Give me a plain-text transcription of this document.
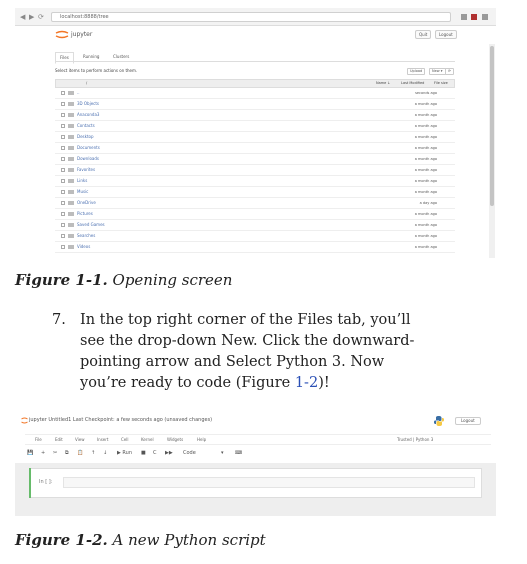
◀ ▶ ⟳	localhost:8888/tree
jupyter	Quit	Logout
Files	Running	Clusters
Select items to perform actions on them.	Upload	New ▾	⟳
/	Name ↓	Last Modified	File size
..	seconds ago
3D Objects	a month ago
Anaconda3	a month ago
Contacts	a month ago
Desktop	a month ago
Documents	a month ago
Downloads	a month ago
Favorites	a month ago
Links	a month ago
Music	a month ago
OneDrive	a day ago
Pictures	a month ago
Saved Games	a month ago
Searches	a month ago
Videos	a month ago
Figure 1-1. Opening screen
7. In the top right corner of the Files tab, you’ll see the drop-down New. Click the downward-pointing arrow and Select Python 3. Now you’re ready to code (Figure 1-2)!
jupyter Untitled1 Last Checkpoint: a few seconds ago (unsaved changes)	Logout
File	Edit	View	Insert	Cell	Kernel	Widgets	Help	Trusted | Python 3
💾 + ✂ ⧉ 📋 ↑ ↓ ▶ Run ■ C ▶▶ Code	▾ ⌨
In [ ]:
Figure 1-2. A new Python script
